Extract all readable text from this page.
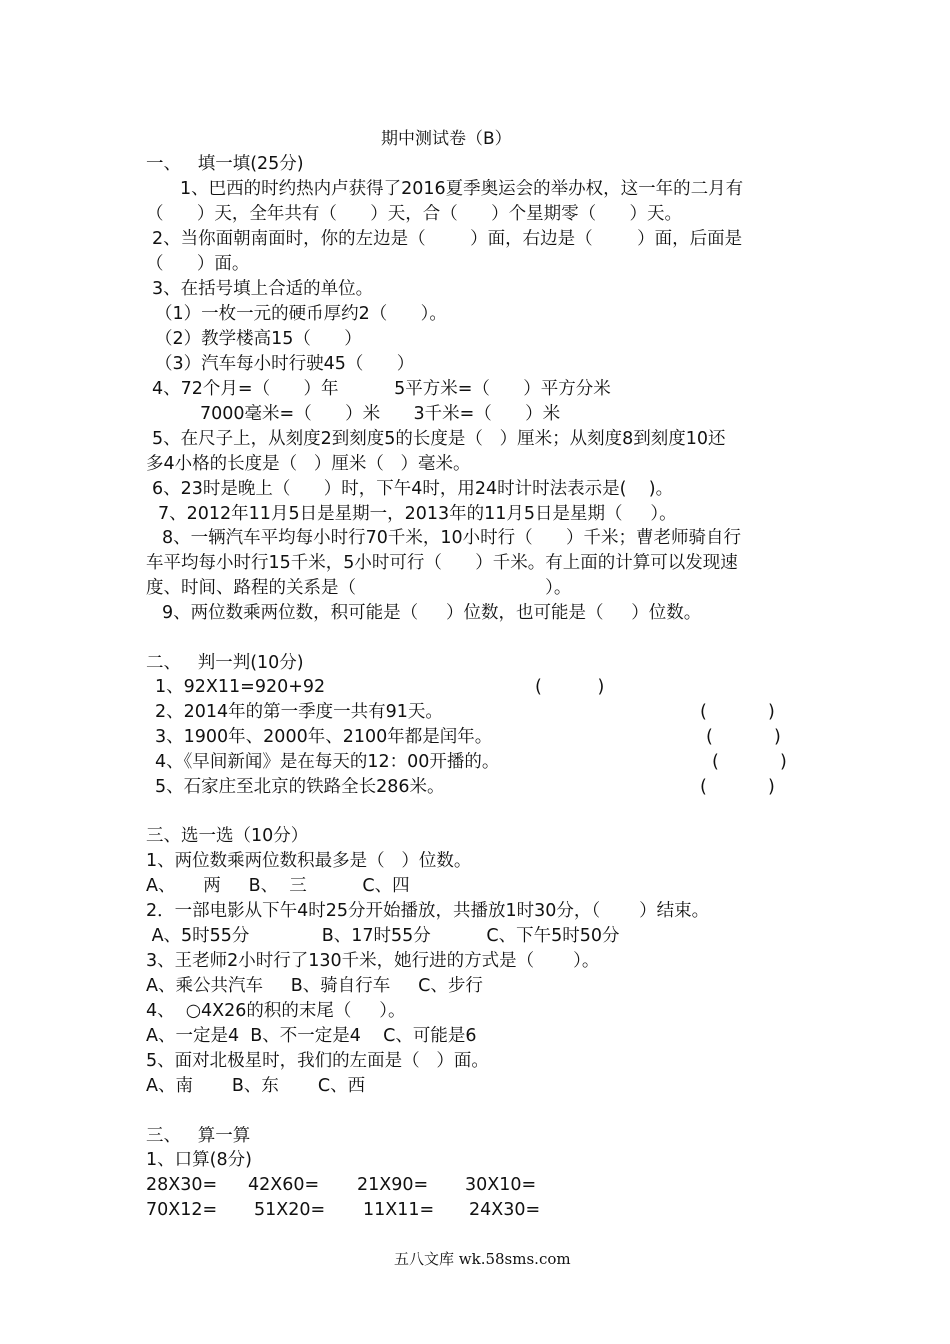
期中测试卷（B）
一、   填一填(25分)
1、巴西的时约热内卢获得了2016夏季奥运会的举办权，这一年的二月有
（      ）天，全年共有（      ）天，合（      ）个星期零（      ）天。
2、当你面朝南面时，你的左边是（        ）面，右边是（        ）面，后面是
（      ）面。
3、在括号填上合适的单位。
（1）一枚一元的硬币厚约2（      ）。
（2）教学楼高15（      ）
（3）汽车每小时行驶45（      ）
4、72个月=（      ）年          5平方米=（      ）平方分米
7000毫米=（      ）米      3千米=（      ）米
5、在尺子上，从刻度2到刻度5的长度是（   ）厘米；从刻度8到刻度10还
多4小格的长度是（   ）厘米（   ）毫米。
6、23时是晚上（      ）时，下午4时，用24时计时法表示是(    )。
7、2012年11月5日是星期一，2013年的11月5日是星期（     ）。
8、一辆汽车平均每小时行70千米，10小时行（      ）千米；曹老师骑自行
车平均每小时行15千米，5小时可行（      ）千米。有上面的计算可以发现速
度、时间、路程的关系是（                                  ）。
9、两位数乘两位数，积可能是（     ）位数，也可能是（     ）位数。
二、   判一判(10分)
1、92X11=920+92	(          )
2、2014年的第一季度一共有91天。	(           )
3、1900年、2000年、2100年都是闰年。	(           )
4、《早间新闻》是在每天的12：00开播的。	(           )
5、石家庄至北京的铁路全长286米。	(           )
三、选一选（10分）
1、两位数乘两位数积最多是（   ）位数。
A、     两     B、  三          C、四
2．一部电影从下午4时25分开始播放，共播放1时30分，（       ）结束。
A、5时55分             B、17时55分          C、下午5时50分
3、王老师2小时行了130千米，她行进的方式是（       ）。
A、乘公共汽车     B、骑自行车     C、步行
4、  ○4X26的积的末尾（     ）。
A、一定是4  B、不一定是4    C、可能是6
5、面对北极星时，我们的左面是（   ）面。
A、南       B、东       C、西
三、   算一算
1、口算(8分)
28X30= 42X60= 21X90= 30X10=
70X12= 51X20= 11X11= 24X30=
五八文库 wk.58sms.com
